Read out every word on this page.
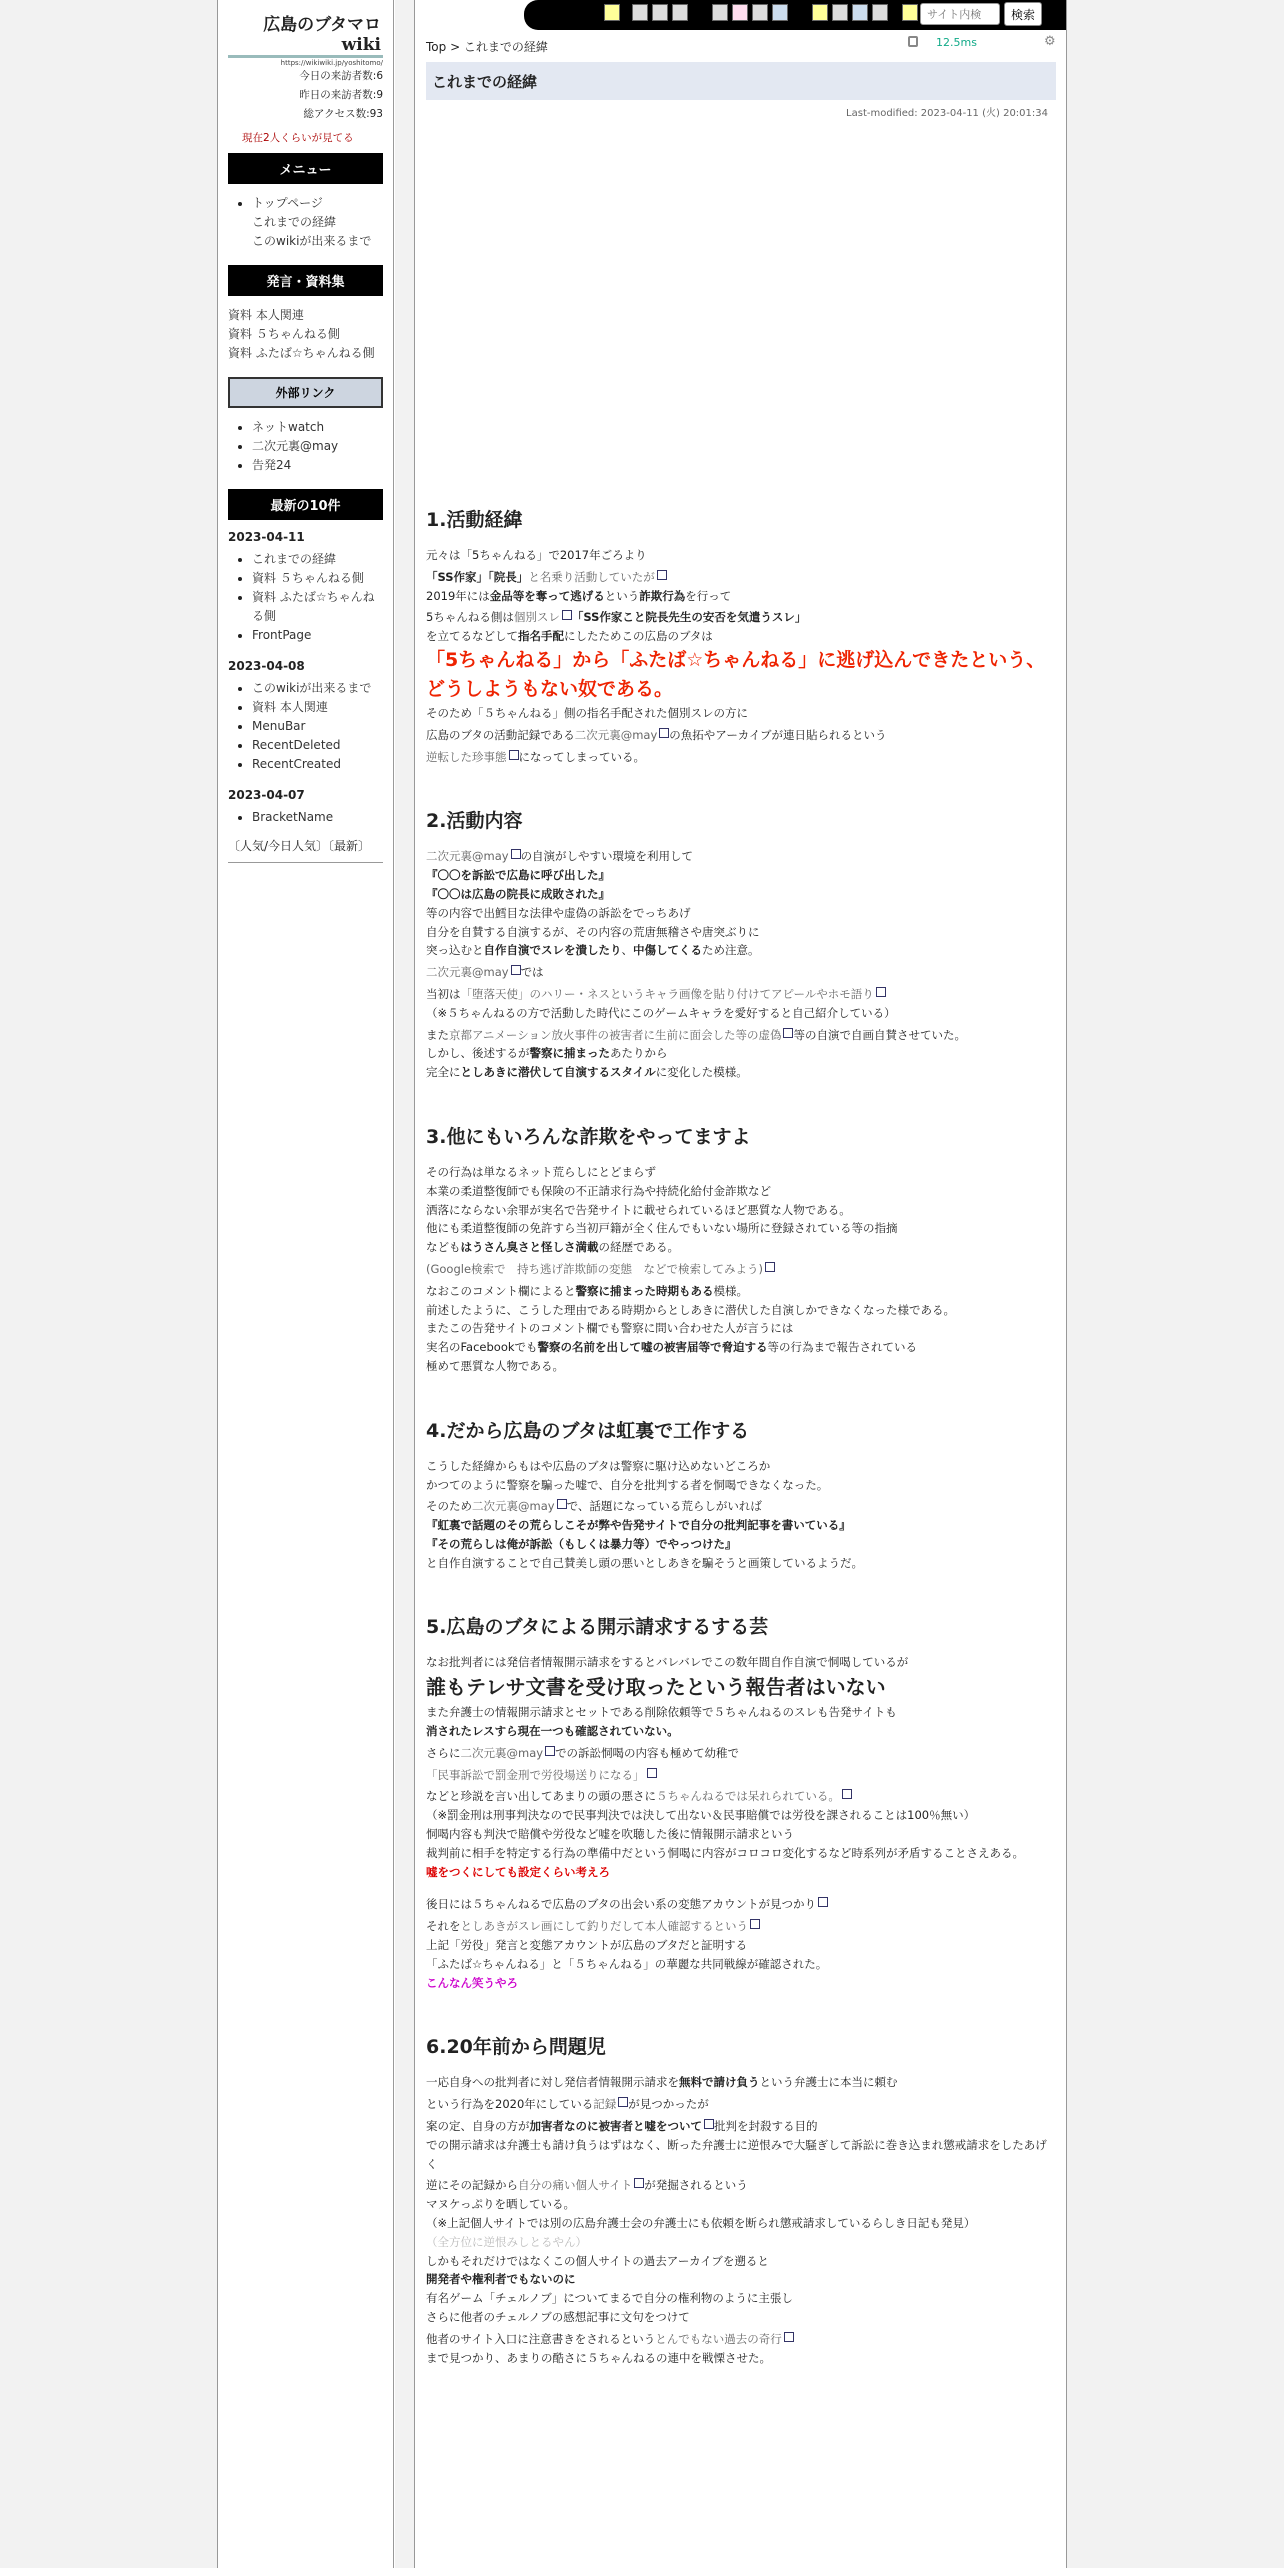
広島のブタマロ wiki
https://wikiwiki.jp/yoshitomo/
今日の来訪者数:6
昨日の来訪者数:9
総アクセス数:93
現在2人くらいが見てる
メニュー
• トップページ
これまでの経緯
このwikiが出来るまで
発言・資料集
資料 本人関連
資料 ５ちゃんねる側
資料 ふたば☆ちゃんねる側
外部リンク
• ネットwatch
• 二次元裏@may
• 告発24
最新の10件
2023-04-11
• これまでの経緯
• 資料 ５ちゃんねる側
• 資料 ふたば☆ちゃんね
る側
• FrontPage
2023-04-08
• このwikiが出来るまで
• 資料 本人関連
• MenuBar
• RecentDeleted
• RecentCreated
2023-04-07
• BracketName
〔人気/今日人気〕〔最新〕
サイト内検
検索
Top > これまでの経緯	12.5ms	⚙
これまでの経緯
Last-modified: 2023-04-11 (火) 20:01:34
1.活動経緯
元々は「5ちゃんねる」で2017年ごろより
「SS作家」「院長」と名乗り活動していたが
2019年には金品等を奪って逃げるという詐欺行為を行って
5ちゃんねる側は個別スレ 「SS作家こと院長先生の安否を気遣うスレ」
を立てるなどして指名手配にしたためこの広島のブタは
「5ちゃんねる」から「ふたば☆ちゃんねる」に逃げ込んできたという、どうしようもない奴である。
そのため「５ちゃんねる」側の指名手配された個別スレの方に
広島のブタの活動記録である二次元裏@may の魚拓やアーカイブが連日貼られるという
逆転した珍事態 になってしまっている。
2.活動内容
二次元裏@may の自演がしやすい環境を利用して
『〇〇を訴訟で広島に呼び出した』
『〇〇は広島の院長に成敗された』
等の内容で出鱈目な法律や虚偽の訴訟をでっちあげ
自分を自賛する自演するが、その内容の荒唐無稽さや唐突ぶりに
突っ込むと自作自演でスレを潰したり、中傷してくるため注意。
二次元裏@may では
当初は「堕落天使」のハリー・ネスというキャラ画像を貼り付けてアピールやホモ語り
（※５ちゃんねるの方で活動した時代にこのゲームキャラを愛好すると自己紹介している）
また京都アニメーション放火事件の被害者に生前に面会した等の虚偽 等の自演で自画自賛させていた。
しかし、後述するが警察に捕まったあたりから
完全にとしあきに潜伏して自演するスタイルに変化した模様。
3.他にもいろんな詐欺をやってますよ
その行為は単なるネット荒らしにとどまらず
本業の柔道整復師でも保険の不正請求行為や持続化給付金詐欺など
洒落にならない余罪が実名で告発サイトに載せられているほど悪質な人物である。
他にも柔道整復師の免許すら当初戸籍が全く住んでもいない場所に登録されている等の指摘
などもはうさん臭さと怪しさ満載の経歴である。
(Google検索で　持ち逃げ詐欺師の変態　などで検索してみよう)
なおこのコメント欄によると警察に捕まった時期もある模様。
前述したように、こうした理由である時期からとしあきに潜伏した自演しかできなくなった様である。
またこの告発サイトのコメント欄でも警察に問い合わせた人が言うには
実名のFacebookでも警察の名前を出して嘘の被害届等で脅迫する等の行為まで報告されている
極めて悪質な人物である。
4.だから広島のブタは虹裏で工作する
こうした経緯からもはや広島のブタは警察に駆け込めないどころか
かつてのように警察を騙った嘘で、自分を批判する者を恫喝できなくなった。
そのため二次元裏@may で、話題になっている荒らしがいれば
『虹裏で話題のその荒らしこそが弊や告発サイトで自分の批判記事を書いている』
『その荒らしは俺が訴訟（もしくは暴力等）でやっつけた』
と自作自演することで自己賛美し頭の悪いとしあきを騙そうと画策しているようだ。
5.広島のブタによる開示請求するする芸
なお批判者には発信者情報開示請求をするとバレバレでこの数年間自作自演で恫喝しているが
誰もテレサ文書を受け取ったという報告者はいない
また弁護士の情報開示請求とセットである削除依頼等で５ちゃんねるのスレも告発サイトも
消されたレスすら現在一つも確認されていない。
さらに二次元裏@may での訴訟恫喝の内容も極めて幼稚で
「民事訴訟で罰金刑で労役場送りになる」
などと珍説を言い出してあまりの頭の悪さに５ちゃんねるでは呆れられている。
（※罰金刑は刑事判決なので民事判決では決して出ない＆民事賠償では労役を課されることは100％無い）
恫喝内容も判決で賠償や労役など嘘を吹聴した後に情報開示請求という
裁判前に相手を特定する行為の準備中だという恫喝に内容がコロコロ変化するなど時系列が矛盾することさえある。
嘘をつくにしても設定くらい考えろ
後日には５ちゃんねるで広島のブタの出会い系の変態アカウントが見つかり
それをとしあきがスレ画にして釣りだして本人確認するという
上記「労役」発言と変態アカウントが広島のブタだと証明する
「ふたば☆ちゃんねる」と「５ちゃんねる」の華麗な共同戦線が確認された。
こんなん笑うやろ
6.20年前から問題児
一応自身への批判者に対し発信者情報開示請求を無料で請け負うという弁護士に本当に頼む
という行為を2020年にしている記録 が見つかったが
案の定、自身の方が加害者なのに被害者と嘘をついて 批判を封殺する目的
での開示請求は弁護士も請け負うはずはなく、断った弁護士に逆恨みで大騒ぎして訴訟に巻き込まれ懲戒請求をしたあげく
逆にその記録から自分の痛い個人サイト が発掘されるという
マヌケっぷりを晒している。
（※上記個人サイトでは別の広島弁護士会の弁護士にも依頼を断られ懲戒請求しているらしき日記も発見）
（全方位に逆恨みしとるやん）
しかもそれだけではなくこの個人サイトの過去アーカイブを遡ると
開発者や権利者でもないのに
有名ゲーム「チェルノブ」についてまるで自分の権利物のように主張し
さらに他者のチェルノブの感想記事に文句をつけて
他者のサイト入口に注意書きをされるというとんでもない過去の奇行
まで見つかり、あまりの酷さに５ちゃんねるの連中を戦慄させた。
